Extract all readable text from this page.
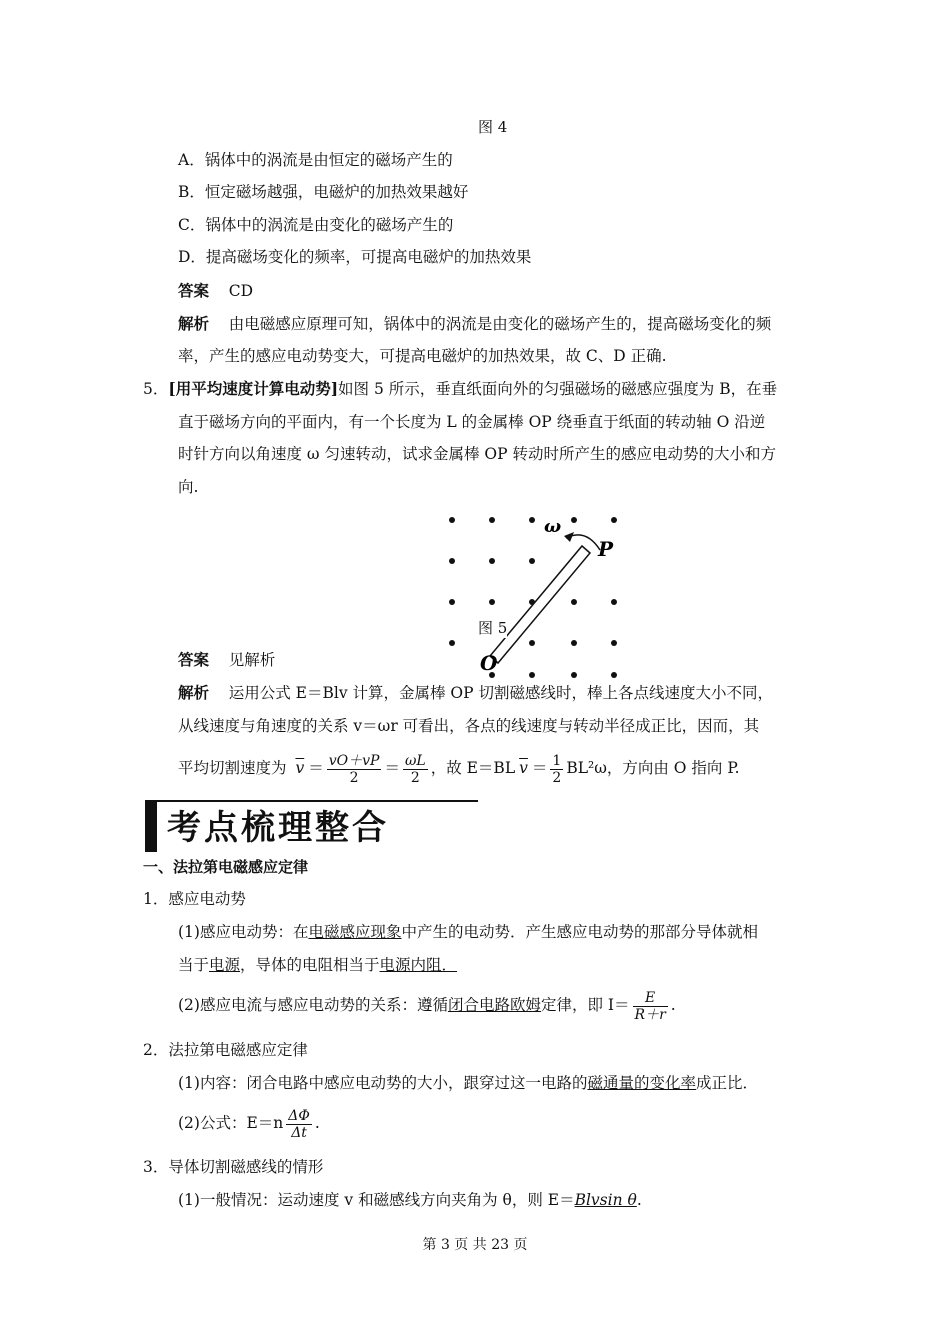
图 4
A．锅体中的涡流是由恒定的磁场产生的
B．恒定磁场越强，电磁炉的加热效果越好
C．锅体中的涡流是由变化的磁场产生的
D．提高磁场变化的频率，可提高电磁炉的加热效果
答案 CD
解析 由电磁感应原理可知，锅体中的涡流是由变化的磁场产生的，提高磁场变化的频
率，产生的感应电动势变大，可提高电磁炉的加热效果，故 C、D 正确.
5．[用平均速度计算电动势]如图 5 所示，垂直纸面向外的匀强磁场的磁感应强度为 B，在垂
直于磁场方向的平面内，有一个长度为 L 的金属棒 OP 绕垂直于纸面的转动轴 O 沿逆
时针方向以角速度 ω 匀速转动，试求金属棒 OP 转动时所产生的感应电动势的大小和方
向.
ω
P
O
图 5
答案 见解析
解析 运用公式 E＝Blv 计算，金属棒 OP 切割磁感线时，棒上各点线速度大小不同，
从线速度与角速度的关系 v＝ωr 可看出，各点的线速度与转动半径成正比，因而，其
平均切割速度为 $\overline{v} = \frac{vO+vP}{2} = \frac{\omega L}{2}$ ，故 E＝BL $\overline{v} = \frac{1}{2} BL^2\omega$，方向由 O 指向 P.
考点梳理整合
一、法拉第电磁感应定律
1．感应电动势
(1)感应电动势：在电磁感应现象中产生的电动势．产生感应电动势的那部分导体就相
当于电源，导体的电阻相当于电源内阻．
(2)感应电流与感应电动势的关系：遵循闭合电路欧姆定律，即 $I= \frac{E}{R+r}$ .
2．法拉第电磁感应定律
(1)内容：闭合电路中感应电动势的大小，跟穿过这一电路的磁通量的变化率成正比．
(2)公式：$E=n \frac{\Delta\Phi}{\Delta t}$ .
3．导体切割磁感线的情形
(1)一般情况：运动速度 v 和磁感线方向夹角为 θ，则 E＝Blvsin θ.
第 3 页 共 23 页
